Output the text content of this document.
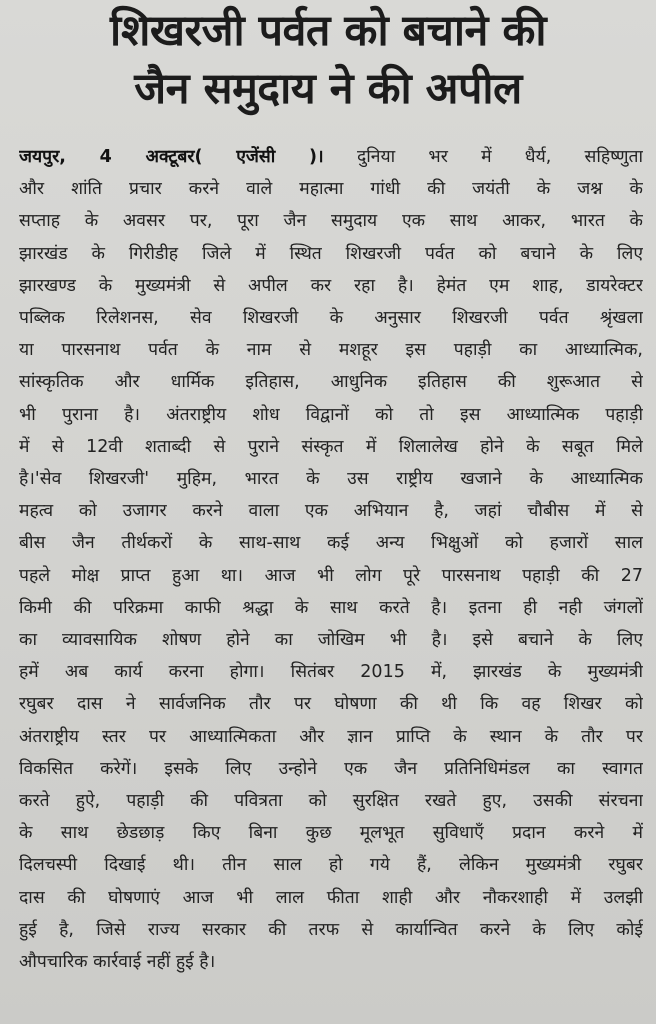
शिखरजी पर्वत को बचाने की
जैन समुदाय ने की अपील
जयपुर, 4 अक्टूबर( एजेंसी )। दुनिया भर में धैर्य, सहिष्णुता
और शांति प्रचार करने वाले महात्मा गांधी की जयंती के जश्न के
सप्ताह के अवसर पर, पूरा जैन समुदाय एक साथ आकर, भारत के
झारखंड के गिरीडीह जिले में स्थित शिखरजी पर्वत को बचाने के लिए
झारखण्ड के मुख्यमंत्री से अपील कर रहा है। हेमंत एम शाह, डायरेक्टर
पब्लिक रिलेशनस, सेव शिखरजी के अनुसार शिखरजी पर्वत श्रृंखला
या पारसनाथ पर्वत के नाम से मशहूर इस पहाड़ी का आध्यात्मिक,
सांस्कृतिक और धार्मिक इतिहास, आधुनिक इतिहास की शुरूआत से
भी पुराना है। अंतराष्ट्रीय शोध विद्वानों को तो इस आध्यात्मिक पहाड़ी
में से 12वी शताब्दी से पुराने संस्कृत में शिलालेख होने के सबूत मिले
है।'सेव शिखरजी' मुहिम, भारत के उस राष्ट्रीय खजाने के आध्यात्मिक
महत्व को उजागर करने वाला एक अभियान है, जहां चौबीस में से
बीस जैन तीर्थकरों के साथ-साथ कई अन्य भिक्षुओं को हजारों साल
पहले मोक्ष प्राप्त हुआ था। आज भी लोग पूरे पारसनाथ पहाड़ी की 27
किमी की परिक्रमा काफी श्रद्धा के साथ करते है। इतना ही नही जंगलों
का व्यावसायिक शोषण होने का जोखिम भी है। इसे बचाने के लिए
हमें अब कार्य करना होगा। सितंबर 2015 में, झारखंड के मुख्यमंत्री
रघुबर दास ने सार्वजनिक तौर पर घोषणा की थी कि वह शिखर को
अंतराष्ट्रीय स्तर पर आध्यात्मिकता और ज्ञान प्राप्ति के स्थान के तौर पर
विकसित करेगें। इसके लिए उन्होने एक जैन प्रतिनिधिमंडल का स्वागत
करते हुऐ, पहाड़ी की पवित्रता को सुरक्षित रखते हुए, उसकी संरचना
के साथ छेडछाड़ किए बिना कुछ मूलभूत सुविधाएँ प्रदान करने में
दिलचस्पी दिखाई थी। तीन साल हो गये हैं, लेकिन मुख्यमंत्री रघुबर
दास की घोषणाएं आज भी लाल फीता शाही और नौकरशाही में उलझी
हुई है, जिसे राज्य सरकार की तरफ से कार्यान्वित करने के लिए कोई
औपचारिक कार्रवाई नहीं हुई है।
